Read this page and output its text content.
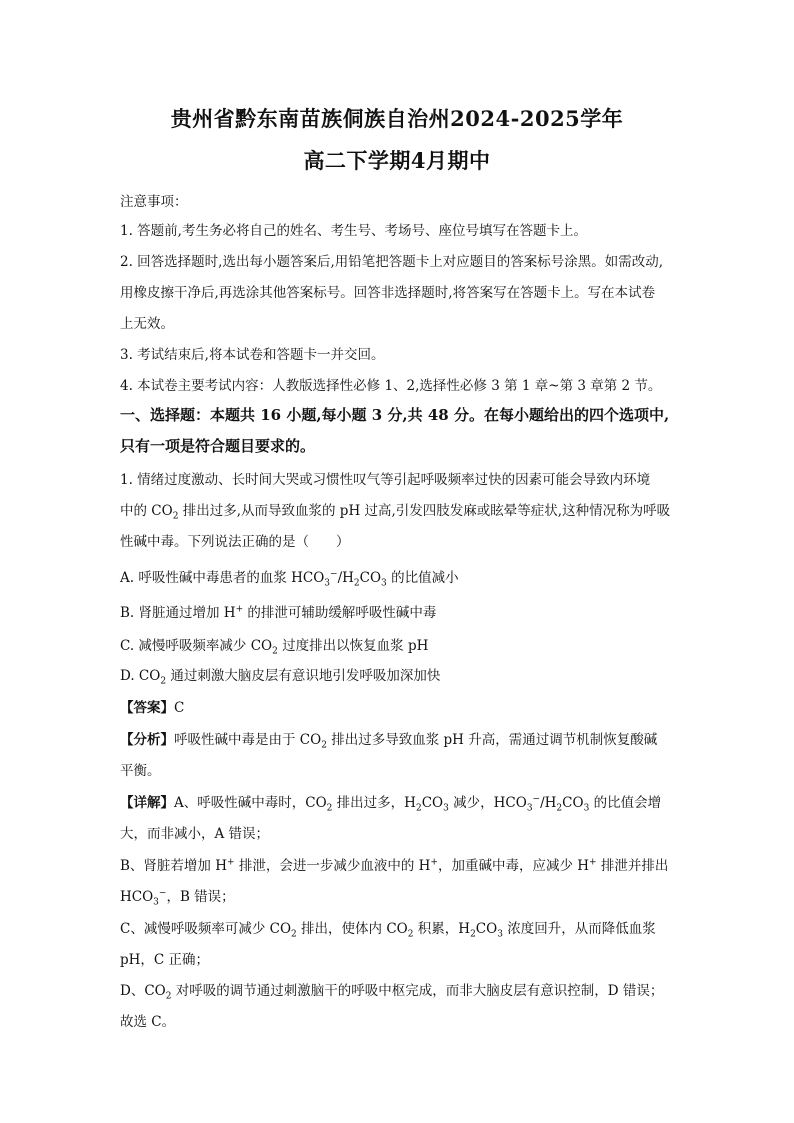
贵州省黔东南苗族侗族自治州2024-2025学年
高二下学期4月期中
注意事项：
1. 答题前,考生务必将自己的姓名、考生号、考场号、座位号填写在答题卡上。
2. 回答选择题时,选出每小题答案后,用铅笔把答题卡上对应题目的答案标号涂黑。如需改动,
用橡皮擦干净后,再选涂其他答案标号。回答非选择题时,将答案写在答题卡上。写在本试卷
上无效。
3. 考试结束后,将本试卷和答题卡一并交回。
4. 本试卷主要考试内容：人教版选择性必修 1、2,选择性必修 3 第 1 章~第 3 章第 2 节。
一、选择题：本题共 16 小题,每小题 3 分,共 48 分。在每小题给出的四个选项中,
只有一项是符合题目要求的。
1. 情绪过度激动、长时间大哭或习惯性叹气等引起呼吸频率过快的因素可能会导致内环境
中的 $CO_2$ 排出过多,从而导致血浆的 pH 过高,引发四肢发麻或眩晕等症状,这种情况称为呼吸
性碱中毒。下列说法正确的是（　　）
A. 呼吸性碱中毒患者的血浆 $HCO_3^-/H_2CO_3$ 的比值减小
B. 肾脏通过增加 H+ 的排泄可辅助缓解呼吸性碱中毒
C. 减慢呼吸频率减少 $CO_2$ 过度排出以恢复血浆 pH
D. $CO_2$ 通过刺激大脑皮层有意识地引发呼吸加深加快
【答案】C
【分析】呼吸性碱中毒是由于 $CO_2$ 排出过多导致血浆 pH 升高，需通过调节机制恢复酸碱
平衡。
【详解】A、呼吸性碱中毒时，$CO_2$ 排出过多，$H_2CO_3$ 减少，$HCO_3^-/H_2CO_3$ 的比值会增
大，而非减小，A 错误；
B、肾脏若增加 H+ 排泄，会进一步减少血液中的 H+，加重碱中毒，应减少 H+ 排泄并排出
$HCO_3^-$，B 错误；
C、减慢呼吸频率可减少 $CO_2$ 排出，使体内 $CO_2$ 积累，$H_2CO_3$ 浓度回升，从而降低血浆
pH，C 正确；
D、$CO_2$ 对呼吸的调节通过刺激脑干的呼吸中枢完成，而非大脑皮层有意识控制，D 错误；
故选 C。
